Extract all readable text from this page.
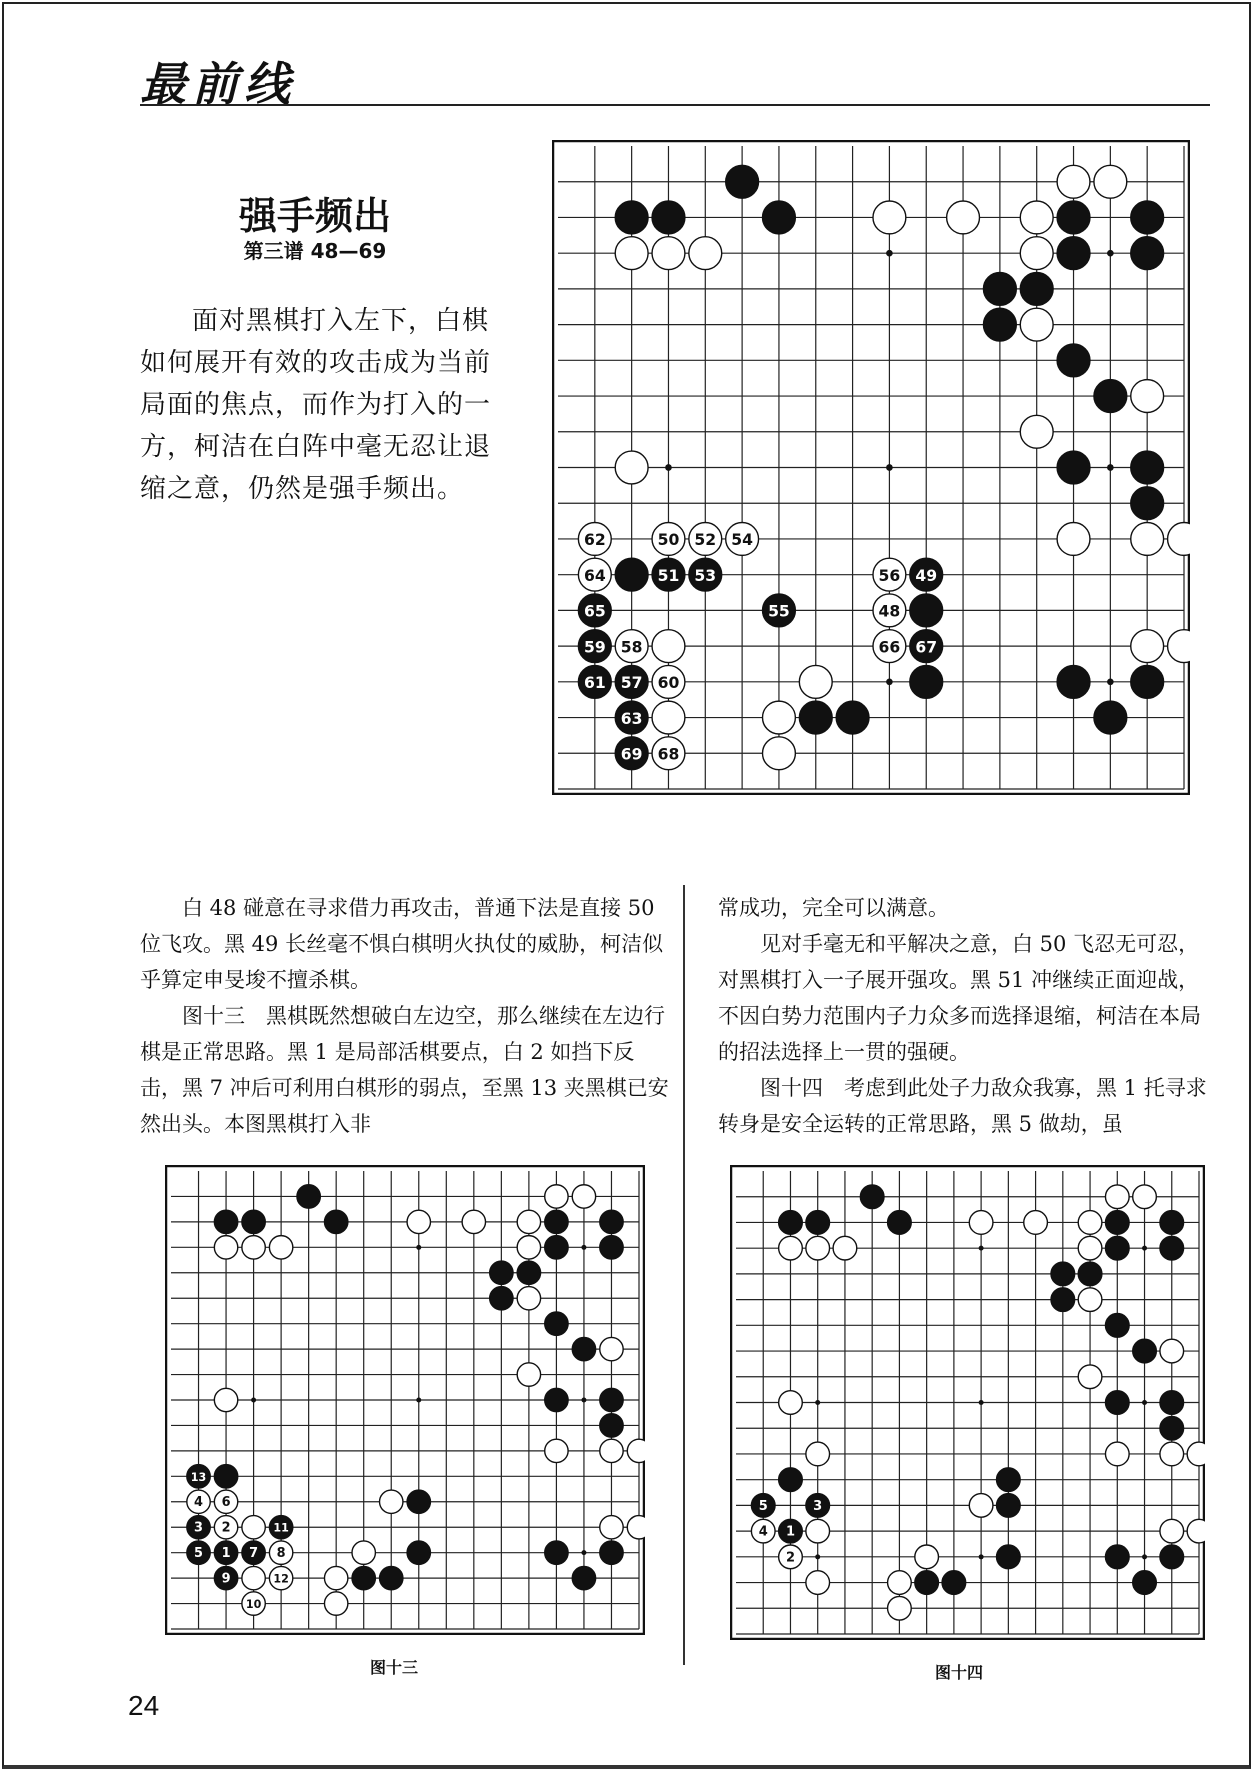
最前线
强手频出
第三谱 48—69
面对黑棋打入左下，白棋如何展开有效的攻击成为当前局面的焦点，而作为打入的一方，柯洁在白阵中毫无忍让退缩之意，仍然是强手频出。
62	50 52 54
64	51 53	56 49
65	55	48
59 58	66 67
61 57 60
63
69 68

白 48 碰意在寻求借力再攻击，普通下法是直接 50 位飞攻。黑 49 长丝毫不惧白棋明火执仗的威胁，柯洁似乎算定申旻埈不擅杀棋。

图十三　黑棋既然想破白左边空，那么继续在左边行棋是正常思路。黑 1 是局部活棋要点，白 2 如挡下反击，黑 7 冲后可利用白棋形的弱点，至黑 13 夹黑棋已安然出头。本图黑棋打入非

常成功，完全可以满意。

见对手毫无和平解决之意，白 50 飞忍无可忍，对黑棋打入一子展开强攻。黑 51 冲继续正面迎战，不因白势力范围内子力众多而选择退缩，柯洁在本局的招法选择上一贯的强硬。

图十四　考虑到此处子力敌众我寡，黑 1 托寻求转身是安全运转的正常思路，黑 5 做劫，虽

13
4 6
3 2	11
5 1 7 8
9	12
10
图十三
5	3
4 1
2
图十四
24
